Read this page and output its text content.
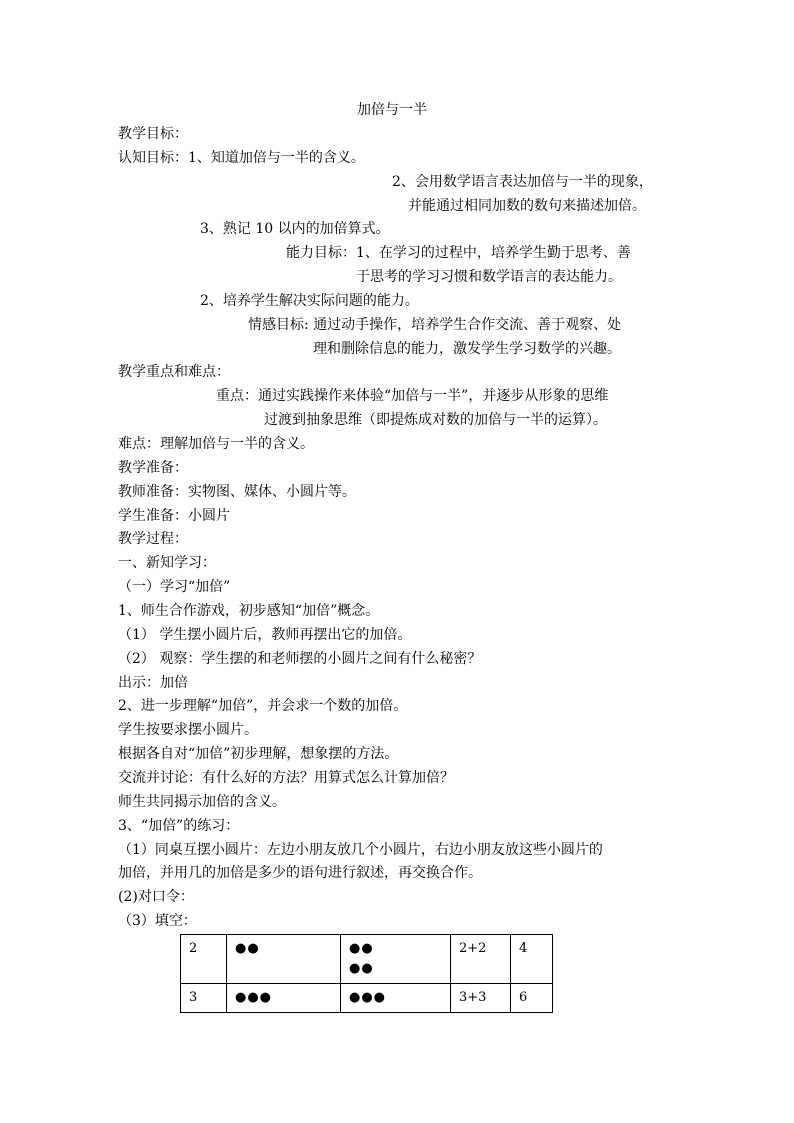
加倍与一半
教学目标：
认知目标：1、知道加倍与一半的含义。
2、会用数学语言表达加倍与一半的现象，
并能通过相同加数的数句来描述加倍。
3、熟记 10 以内的加倍算式。
能力目标：1、在学习的过程中，培养学生勤于思考、善
于思考的学习习惯和数学语言的表达能力。
2、培养学生解决实际问题的能力。
情感目标: 通过动手操作，培养学生合作交流、善于观察、处
理和删除信息的能力，激发学生学习数学的兴趣。
教学重点和难点：
重点：通过实践操作来体验“加倍与一半”，并逐步从形象的思维
过渡到抽象思维（即提炼成对数的加倍与一半的运算）。
难点：理解加倍与一半的含义。
教学准备：
教师准备：实物图、媒体、小圆片等。
学生准备：小圆片
教学过程：
一、新知学习：
（一）学习“加倍”
1、师生合作游戏，初步感知“加倍”概念。
（1） 学生摆小圆片后，教师再摆出它的加倍。
（2） 观察：学生摆的和老师摆的小圆片之间有什么秘密？
出示：加倍
2、进一步理解“加倍”，并会求一个数的加倍。
学生按要求摆小圆片。
根据各自对“加倍”初步理解，想象摆的方法。
交流并讨论：有什么好的方法？用算式怎么计算加倍？
师生共同揭示加倍的含义。
3、“加倍”的练习：
（1）同桌互摆小圆片：左边小朋友放几个小圆片，右边小朋友放这些小圆片的
加倍，并用几的加倍是多少的语句进行叙述，再交换合作。
(2)对口令：
（3）填空：
2	●●	●●
●●	2+2	4
3	●●●	●●●	3+3	6
